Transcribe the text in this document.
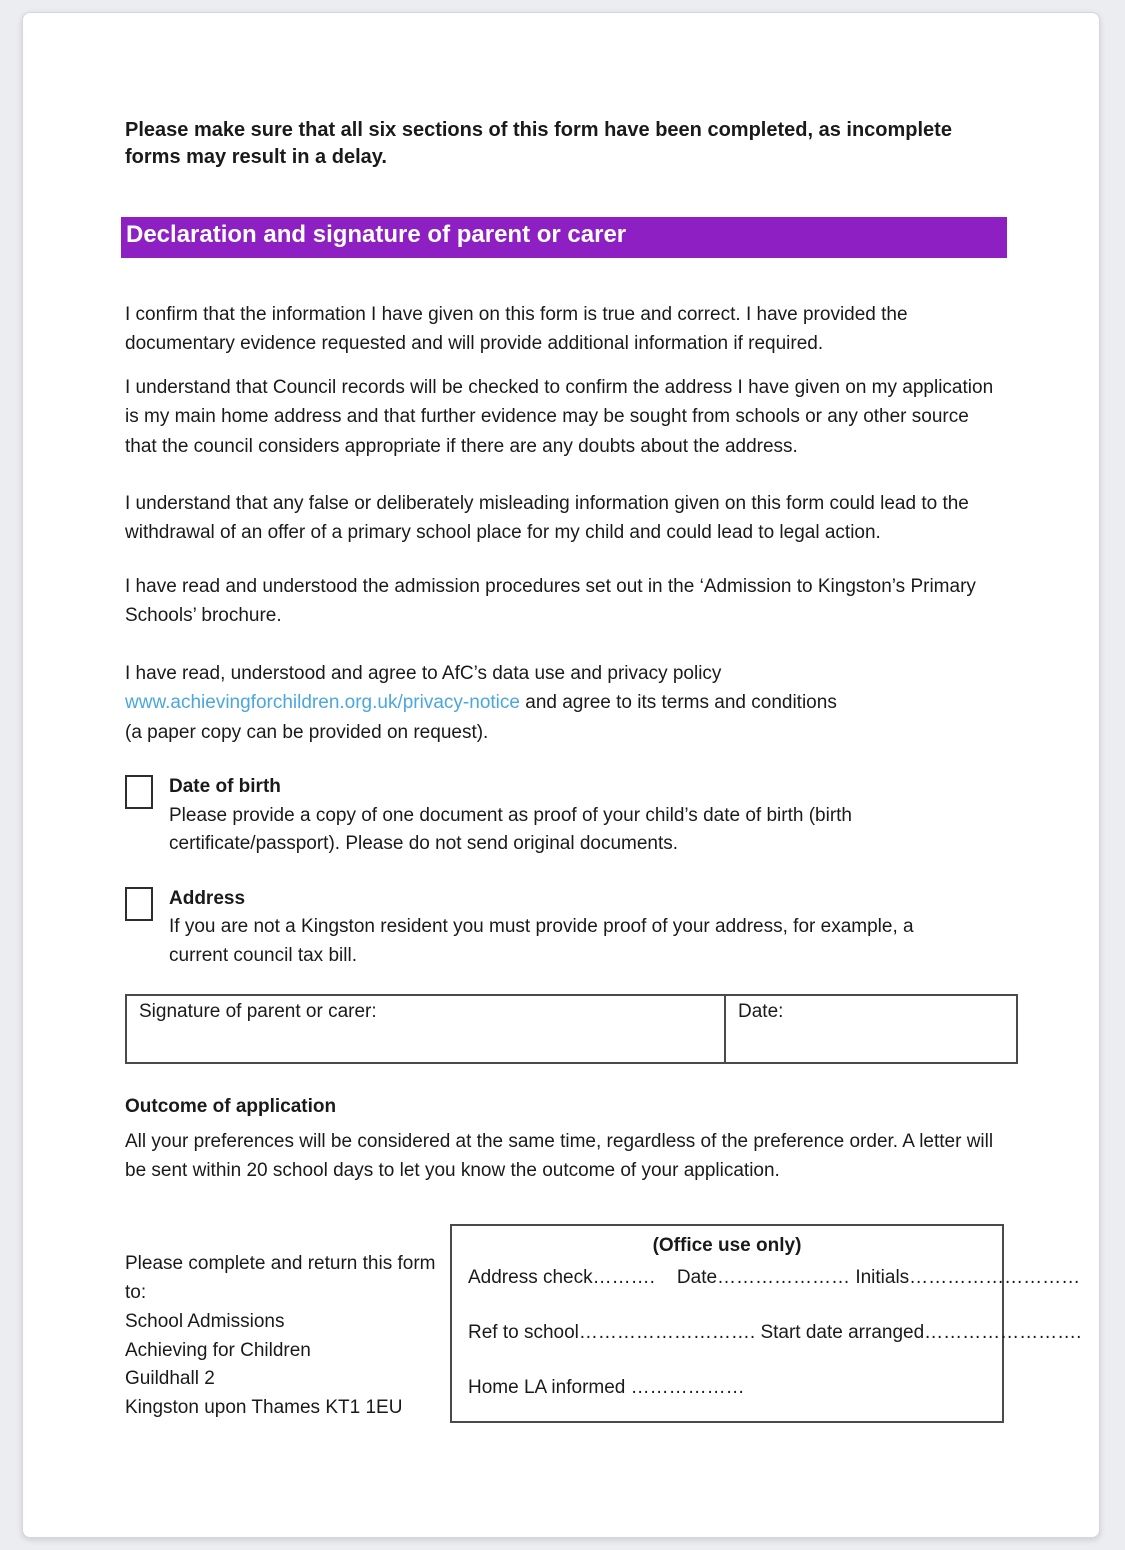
Please make sure that all six sections of this form have been completed, as incomplete forms may result in a delay.

Declaration and signature of parent or carer

I confirm that the information I have given on this form is true and correct. I have provided the documentary evidence requested and will provide additional information if required.

I understand that Council records will be checked to confirm the address I have given on my application is my main home address and that further evidence may be sought from schools or any other source that the council considers appropriate if there are any doubts about the address.

I understand that any false or deliberately misleading information given on this form could lead to the withdrawal of an offer of a primary school place for my child and could lead to legal action.

I have read and understood the admission procedures set out in the ‘Admission to Kingston’s Primary Schools’ brochure.

I have read, understood and agree to AfC’s data use and privacy policy
www.achievingforchildren.org.uk/privacy-notice and agree to its terms and conditions
(a paper copy can be provided on request).
Date of birth
Please provide a copy of one document as proof of your child’s date of birth (birth certificate/passport). Please do not send original documents.
Address
If you are not a Kingston resident you must provide proof of your address, for example, a current council tax bill.
Signature of parent or carer:	Date:

Outcome of application

All your preferences will be considered at the same time, regardless of the preference order. A letter will be sent within 20 school days to let you know the outcome of your application.

Please complete and return this form to:
School Admissions
Achieving for Children
Guildhall 2
Kingston upon Thames KT1 1EU
(Office use only)
Address check………. Date………………… Initials………………………
Ref to school………………………. Start date arranged…………………….
Home LA informed ………………
